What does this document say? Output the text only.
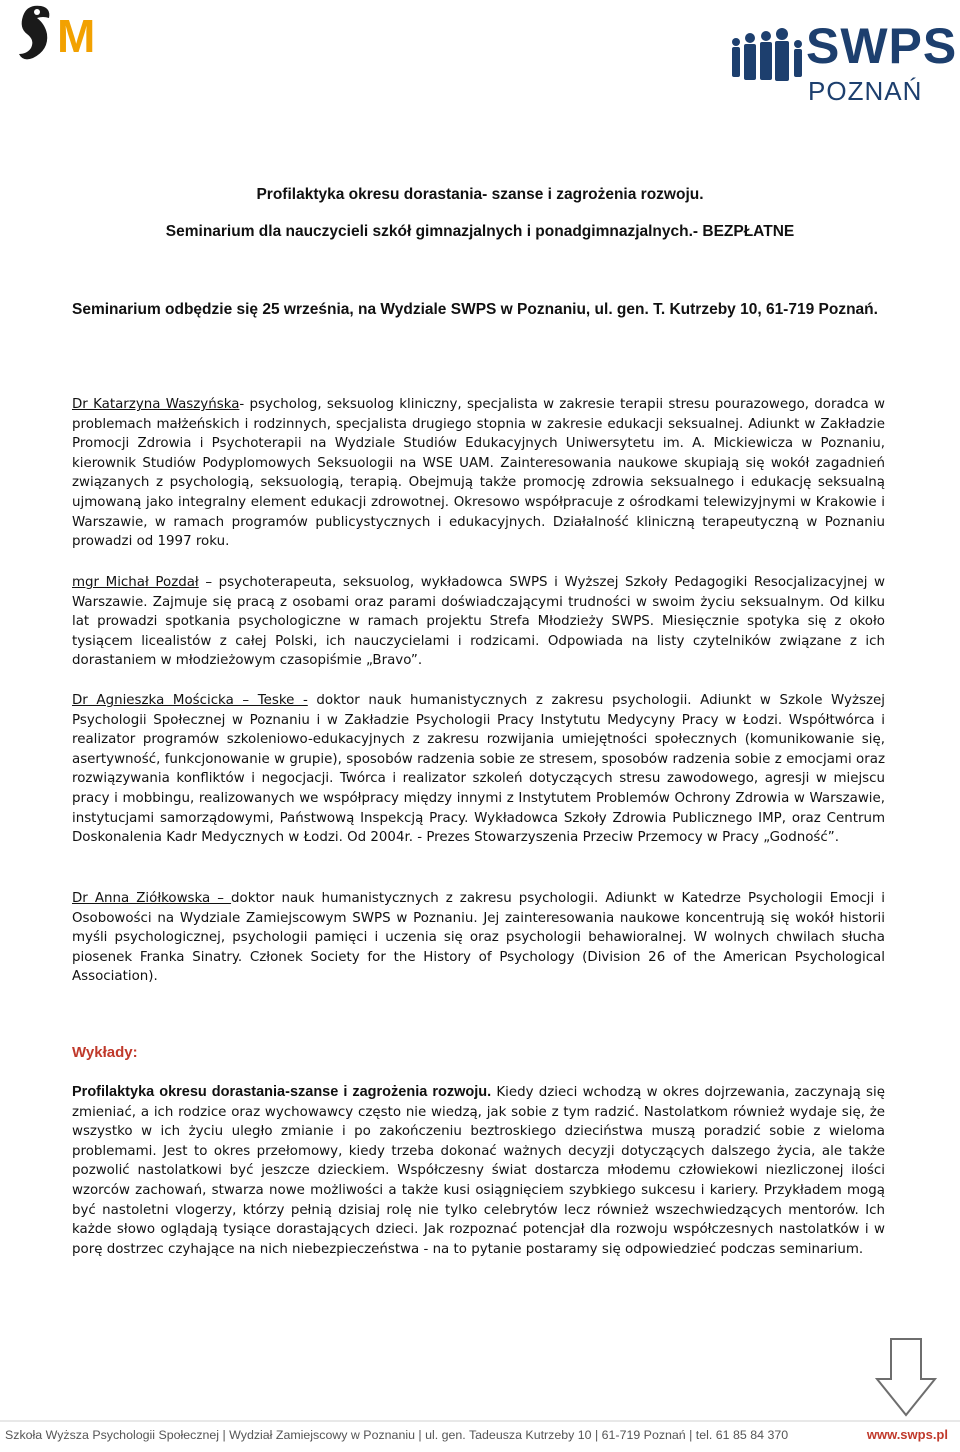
M	SWPS
POZNAŃ
Profilaktyka okresu dorastania- szanse i zagrożenia rozwoju.
Seminarium dla nauczycieli szkół gimnazjalnych i ponadgimnazjalnych.- BEZPŁATNE
Seminarium odbędzie się 25 września, na Wydziale SWPS w Poznaniu, ul. gen. T. Kutrzeby 10, 61-719 Poznań.

Dr Katarzyna Waszyńska- psycholog, seksuolog kliniczny, specjalista w zakresie terapii stresu pourazowego, doradca w problemach małżeńskich i rodzinnych, specjalista drugiego stopnia w zakresie edukacji seksualnej. Adiunkt w Zakładzie Promocji Zdrowia i Psychoterapii na Wydziale Studiów Edukacyjnych Uniwersytetu im. A. Mickiewicza w Poznaniu, kierownik Studiów Podyplomowych Seksuologii na WSE UAM. Zainteresowania naukowe skupiają się wokół zagadnień związanych z psychologią, seksuologią, terapią. Obejmują także promocję zdrowia seksualnego i edukację seksualną ujmowaną jako integralny element edukacji zdrowotnej. Okresowo współpracuje z ośrodkami telewizyjnymi w Krakowie i Warszawie, w ramach programów publicystycznych i edukacyjnych. Działalność kliniczną terapeutyczną w Poznaniu prowadzi od 1997 roku.

mgr Michał Pozdał – psychoterapeuta, seksuolog, wykładowca SWPS i Wyższej Szkoły Pedagogiki Resocjalizacyjnej w Warszawie. Zajmuje się pracą z osobami oraz parami doświadczającymi trudności w swoim życiu seksualnym. Od kilku lat prowadzi spotkania psychologiczne w ramach projektu Strefa Młodzieży SWPS. Miesięcznie spotyka się z około tysiącem licealistów z całej Polski, ich nauczycielami i rodzicami. Odpowiada na listy czytelników związane z ich dorastaniem w młodzieżowym czasopiśmie „Bravo”.

Dr Agnieszka Mościcka – Teske - doktor nauk humanistycznych z zakresu psychologii. Adiunkt w Szkole Wyższej Psychologii Społecznej w Poznaniu i w Zakładzie Psychologii Pracy Instytutu Medycyny Pracy w Łodzi. Współtwórca i realizator programów szkoleniowo-edukacyjnych z zakresu rozwijania umiejętności społecznych (komunikowanie się, asertywność, funkcjonowanie w grupie), sposobów radzenia sobie ze stresem, sposobów radzenia sobie z emocjami oraz rozwiązywania konfliktów i negocjacji. Twórca i realizator szkoleń dotyczących stresu zawodowego, agresji w miejscu pracy i mobbingu, realizowanych we współpracy między innymi z Instytutem Problemów Ochrony Zdrowia w Warszawie, instytucjami samorządowymi, Państwową Inspekcją Pracy. Wykładowca Szkoły Zdrowia Publicznego IMP, oraz Centrum Doskonalenia Kadr Medycznych w Łodzi. Od 2004r. - Prezes Stowarzyszenia Przeciw Przemocy w Pracy „Godność”.

Dr Anna Ziółkowska – doktor nauk humanistycznych z zakresu psychologii. Adiunkt w Katedrze Psychologii Emocji i Osobowości na Wydziale Zamiejscowym SWPS w Poznaniu. Jej zainteresowania naukowe koncentrują się wokół historii myśli psychologicznej, psychologii pamięci i uczenia się oraz psychologii behawioralnej. W wolnych chwilach słucha piosenek Franka Sinatry. Członek Society for the History of Psychology (Division 26 of the American Psychological Association).

Wykłady:

Profilaktyka okresu dorastania-szanse i zagrożenia rozwoju. Kiedy dzieci wchodzą w okres dojrzewania, zaczynają się zmieniać, a ich rodzice oraz wychowawcy często nie wiedzą, jak sobie z tym radzić. Nastolatkom również wydaje się, że wszystko w ich życiu uległo zmianie i po zakończeniu beztroskiego dzieciństwa muszą poradzić sobie z wieloma problemami. Jest to okres przełomowy, kiedy trzeba dokonać ważnych decyzji dotyczących dalszego życia, ale także pozwolić nastolatkowi być jeszcze dzieckiem. Współczesny świat dostarcza młodemu człowiekowi niezliczonej ilości wzorców zachowań, stwarza nowe możliwości a także kusi osiągnięciem szybkiego sukcesu i kariery. Przykładem mogą być nastoletni vlogerzy, którzy pełnią dzisiaj rolę nie tylko celebrytów lecz również wszechwiedzących mentorów. Ich każde słowo oglądają tysiące dorastających dzieci. Jak rozpoznać potencjał dla rozwoju współczesnych nastolatków i w porę dostrzec czyhające na nich niebezpieczeństwa - na to pytanie postaramy się odpowiedzieć podczas seminarium.

Szkoła Wyższa Psychologii Społecznej | Wydział Zamiejscowy w Poznaniu | ul. gen. Tadeusza Kutrzeby 10 | 61-719 Poznań | tel. 61 85 84 370	www.swps.pl
